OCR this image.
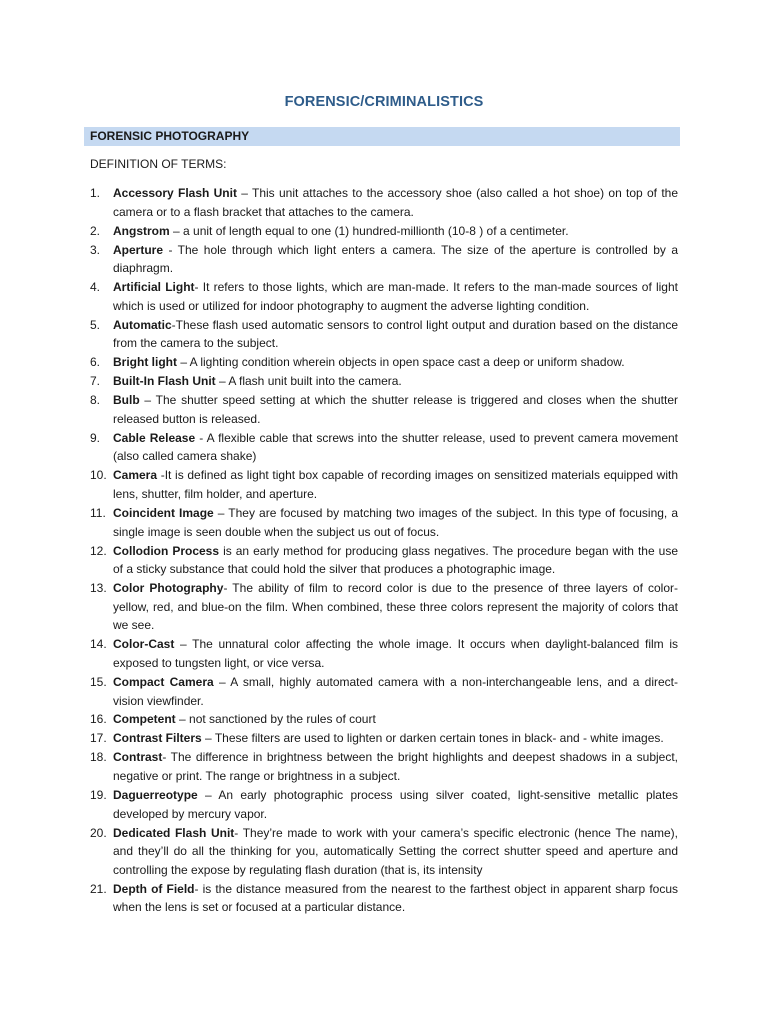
FORENSIC/CRIMINALISTICS
FORENSIC PHOTOGRAPHY
DEFINITION OF TERMS:
1. Accessory Flash Unit – This unit attaches to the accessory shoe (also called a hot shoe) on top of the camera or to a flash bracket that attaches to the camera.
2. Angstrom – a unit of length equal to one (1) hundred-millionth (10-8 ) of a centimeter.
3. Aperture - The hole through which light enters a camera. The size of the aperture is controlled by a diaphragm.
4. Artificial Light- It refers to those lights, which are man-made. It refers to the man-made sources of light which is used or utilized for indoor photography to augment the adverse lighting condition.
5. Automatic-These flash used automatic sensors to control light output and duration based on the distance from the camera to the subject.
6. Bright light – A lighting condition wherein objects in open space cast a deep or uniform shadow.
7. Built-In Flash Unit – A flash unit built into the camera.
8. Bulb – The shutter speed setting at which the shutter release is triggered and closes when the shutter released button is released.
9. Cable Release - A flexible cable that screws into the shutter release, used to prevent camera movement (also called camera shake)
10. Camera -It is defined as light tight box capable of recording images on sensitized materials equipped with lens, shutter, film holder, and aperture.
11. Coincident Image – They are focused by matching two images of the subject. In this type of focusing, a single image is seen double when the subject us out of focus.
12. Collodion Process is an early method for producing glass negatives. The procedure began with the use of a sticky substance that could hold the silver that produces a photographic image.
13. Color Photography- The ability of film to record color is due to the presence of three layers of color-yellow, red, and blue-on the film. When combined, these three colors represent the majority of colors that we see.
14. Color-Cast – The unnatural color affecting the whole image. It occurs when daylight-balanced film is exposed to tungsten light, or vice versa.
15. Compact Camera – A small, highly automated camera with a non-interchangeable lens, and a direct-vision viewfinder.
16. Competent – not sanctioned by the rules of court
17. Contrast Filters – These filters are used to lighten or darken certain tones in black- and - white images.
18. Contrast- The difference in brightness between the bright highlights and deepest shadows in a subject, negative or print. The range or brightness in a subject.
19. Daguerreotype – An early photographic process using silver coated, light-sensitive metallic plates developed by mercury vapor.
20. Dedicated Flash Unit- They’re made to work with your camera’s specific electronic (hence The name), and they’ll do all the thinking for you, automatically Setting the correct shutter speed and aperture and controlling the expose by regulating flash duration (that is, its intensity
21. Depth of Field- is the distance measured from the nearest to the farthest object in apparent sharp focus when the lens is set or focused at a particular distance.
